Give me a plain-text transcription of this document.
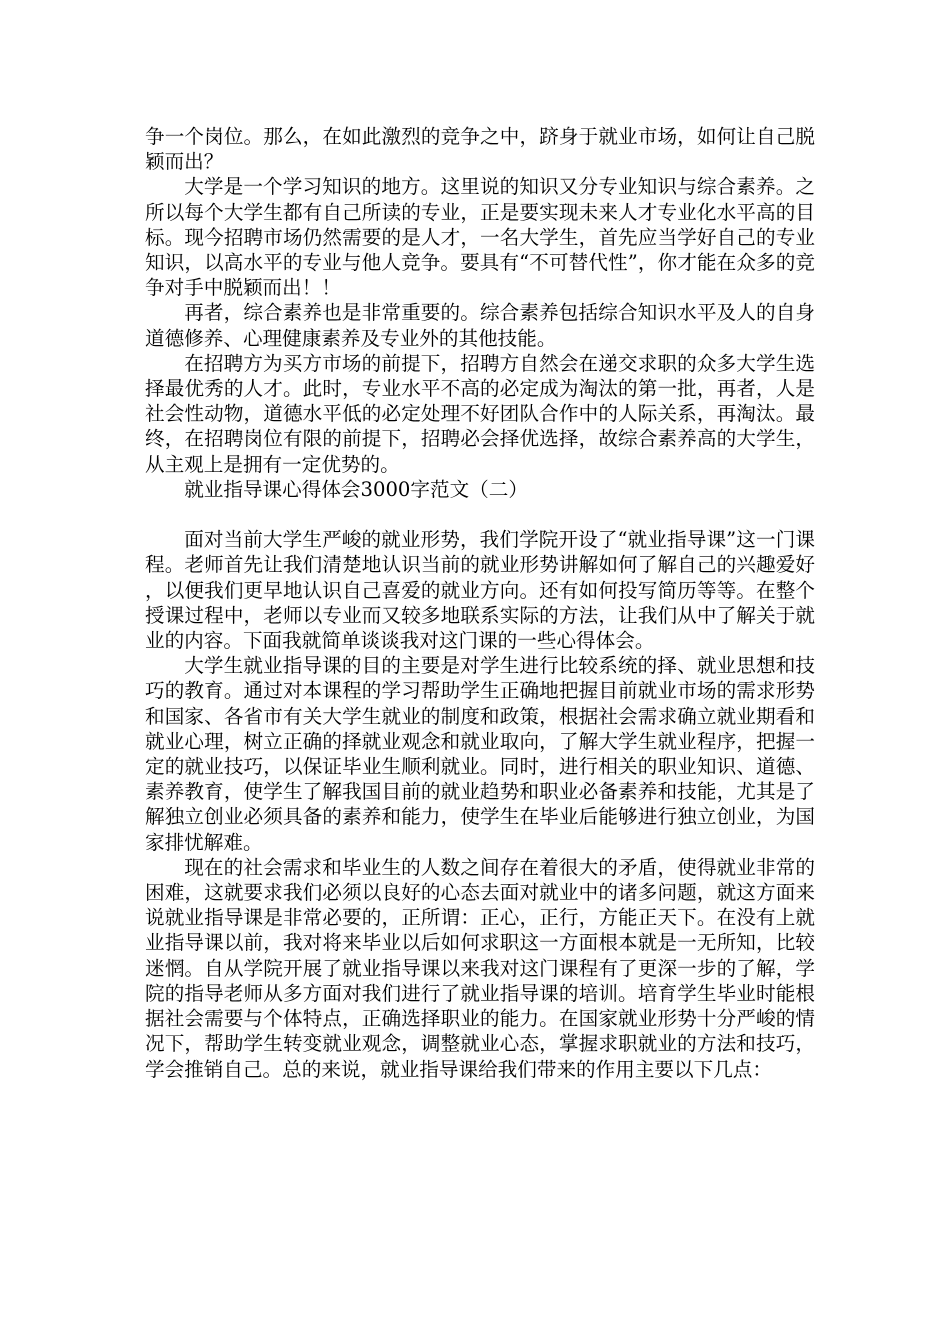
争一个岗位。那么，在如此激烈的竞争之中，跻身于就业市场，如何让自己脱颖而出？

大学是一个学习知识的地方。这里说的知识又分专业知识与综合素养。之所以每个大学生都有自己所读的专业，正是要实现未来人才专业化水平高的目标。现今招聘市场仍然需要的是人才，一名大学生，首先应当学好自己的专业知识，以高水平的专业与他人竞争。要具有“不可替代性”，你才能在众多的竞争对手中脱颖而出！！

再者，综合素养也是非常重要的。综合素养包括综合知识水平及人的自身道德修养、心理健康素养及专业外的其他技能。

在招聘方为买方市场的前提下，招聘方自然会在递交求职的众多大学生选择最优秀的人才。此时，专业水平不高的必定成为淘汰的第一批，再者，人是社会性动物，道德水平低的必定处理不好团队合作中的人际关系，再淘汰。最终，在招聘岗位有限的前提下，招聘必会择优选择，故综合素养高的大学生，从主观上是拥有一定优势的。

就业指导课心得体会3000字范文（二）

面对当前大学生严峻的就业形势，我们学院开设了“就业指导课”这一门课程。老师首先让我们清楚地认识当前的就业形势讲解如何了解自己的兴趣爱好，以便我们更早地认识自己喜爱的就业方向。还有如何投写简历等等。在整个授课过程中，老师以专业而又较多地联系实际的方法，让我们从中了解关于就业的内容。下面我就简单谈谈我对这门课的一些心得体会。

大学生就业指导课的目的主要是对学生进行比较系统的择、就业思想和技巧的教育。通过对本课程的学习帮助学生正确地把握目前就业市场的需求形势和国家、各省市有关大学生就业的制度和政策，根据社会需求确立就业期看和就业心理，树立正确的择就业观念和就业取向，了解大学生就业程序，把握一定的就业技巧，以保证毕业生顺利就业。同时，进行相关的职业知识、道德、素养教育，使学生了解我国目前的就业趋势和职业必备素养和技能，尤其是了解独立创业必须具备的素养和能力，使学生在毕业后能够进行独立创业，为国家排忧解难。

现在的社会需求和毕业生的人数之间存在着很大的矛盾，使得就业非常的困难，这就要求我们必须以良好的心态去面对就业中的诸多问题，就这方面来说就业指导课是非常必要的，正所谓：正心，正行，方能正天下。在没有上就业指导课以前，我对将来毕业以后如何求职这一方面根本就是一无所知，比较迷惘。自从学院开展了就业指导课以来我对这门课程有了更深一步的了解，学院的指导老师从多方面对我们进行了就业指导课的培训。培育学生毕业时能根据社会需要与个体特点，正确选择职业的能力。在国家就业形势十分严峻的情况下，帮助学生转变就业观念，调整就业心态，掌握求职就业的方法和技巧，学会推销自己。总的来说，就业指导课给我们带来的作用主要以下几点：
